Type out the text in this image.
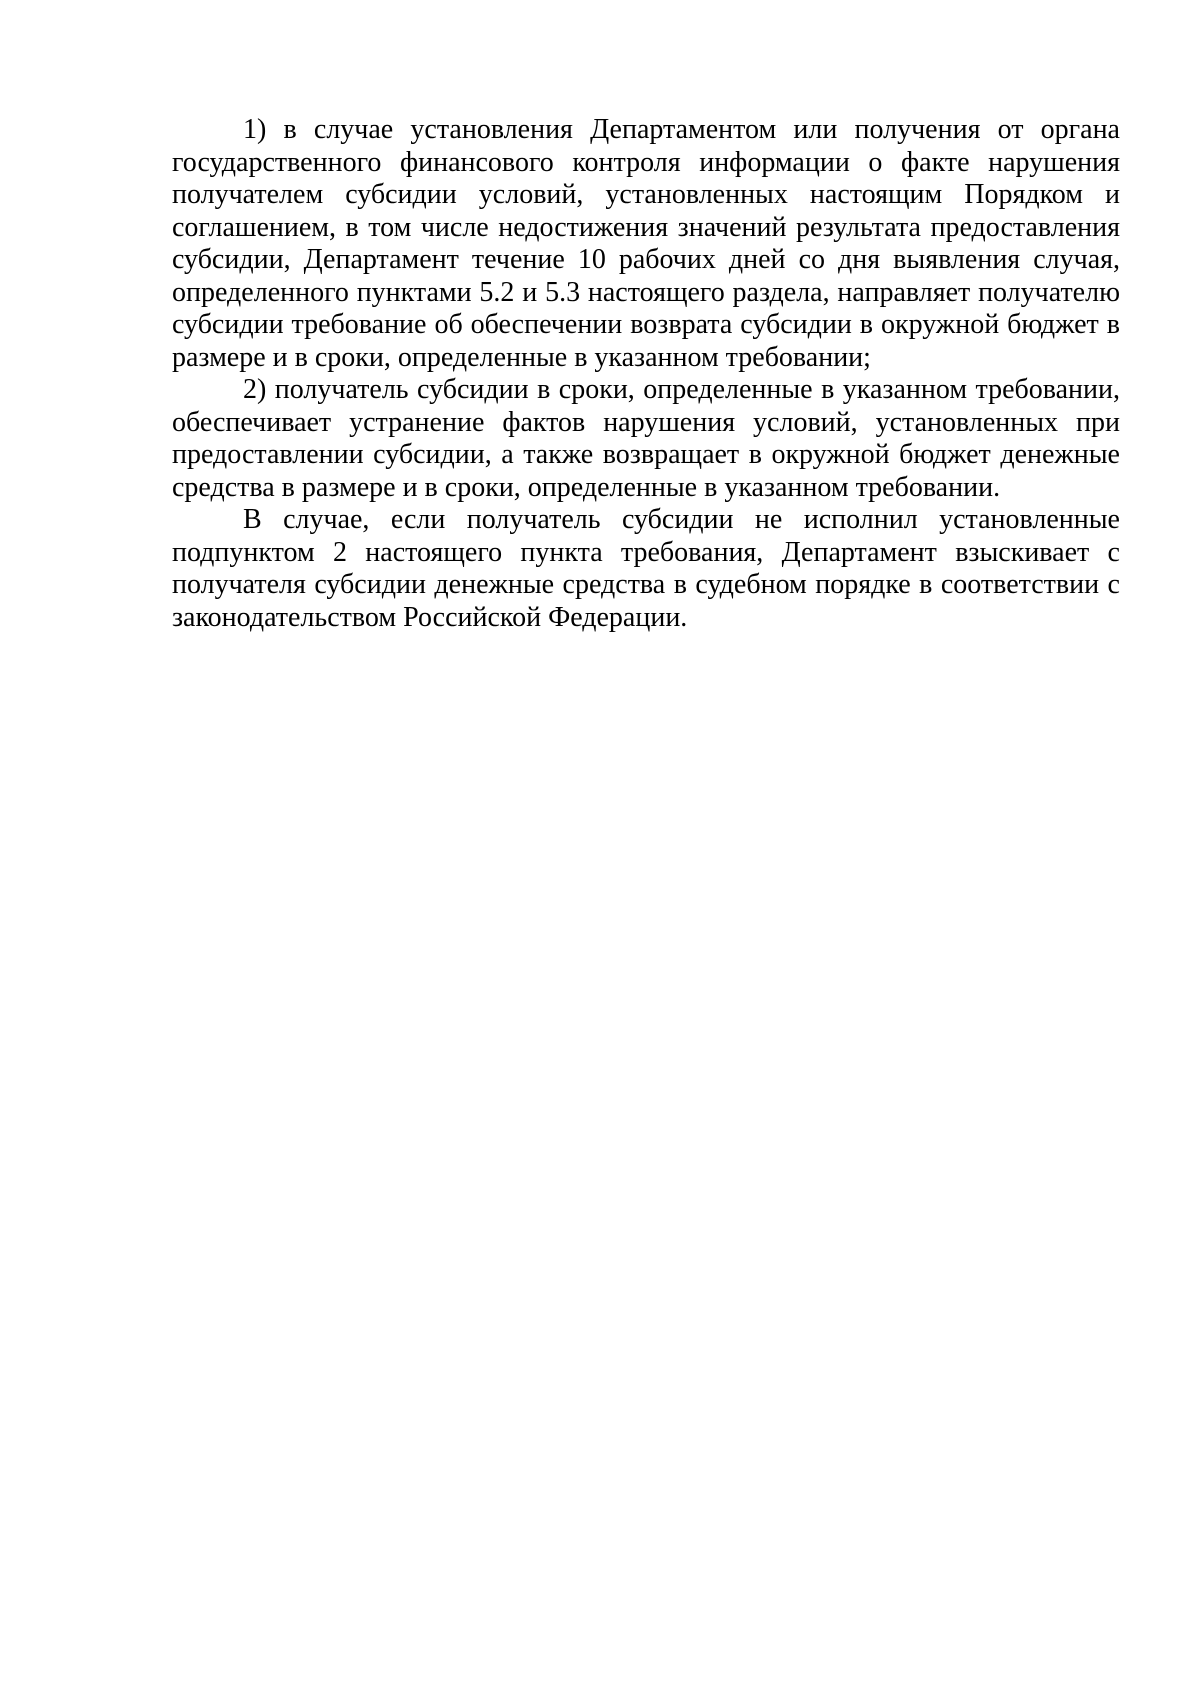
1) в случае установления Департаментом или получения от органа государственного финансового контроля информации о факте нарушения получателем субсидии условий, установленных настоящим Порядком и соглашением, в том числе недостижения значений результата предоставления субсидии, Департамент течение 10 рабочих дней со дня выявления случая, определенного пунктами 5.2 и 5.3 настоящего раздела, направляет получателю субсидии требование об обеспечении возврата субсидии в окружной бюджет в размере и в сроки, определенные в указанном требовании;

2) получатель субсидии в сроки, определенные в указанном требовании, обеспечивает устранение фактов нарушения условий, установленных при предоставлении субсидии, а также возвращает в окружной бюджет денежные средства в размере и в сроки, определенные в указанном требовании.

В случае, если получатель субсидии не исполнил установленные подпунктом 2 настоящего пункта требования, Департамент взыскивает с получателя субсидии денежные средства в судебном порядке в соответствии с законодательством Российской Федерации.
